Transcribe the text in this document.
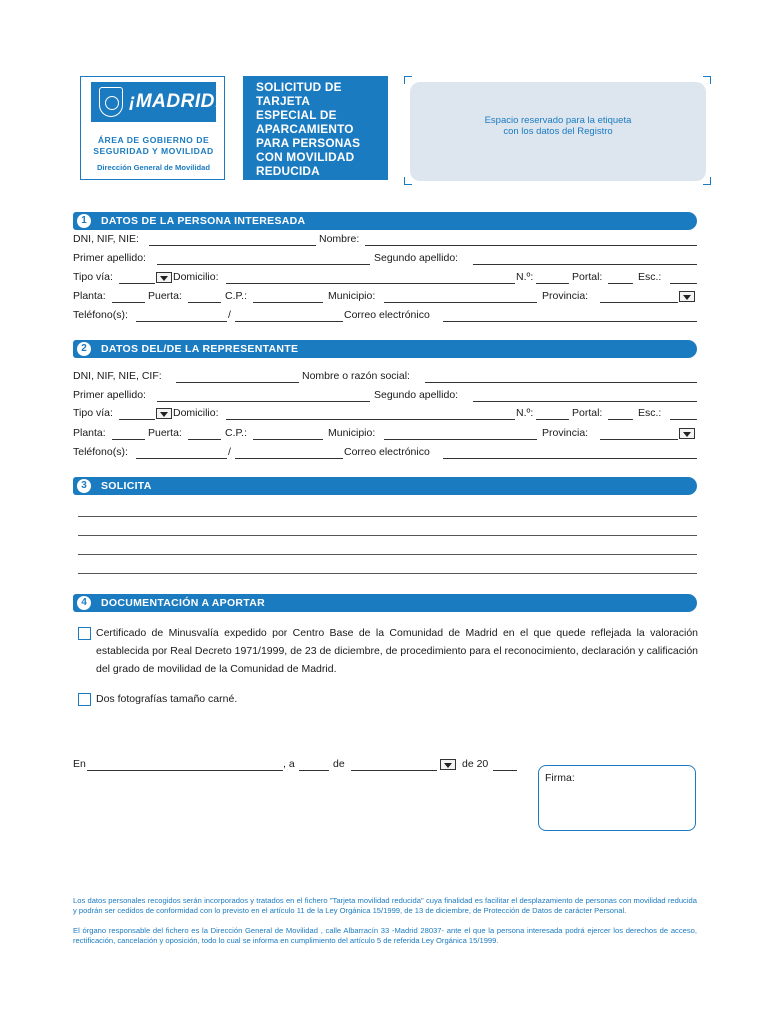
¡MADRID!
ÁREA DE GOBIERNO DE
SEGURIDAD Y MOVILIDAD
Dirección General de Movilidad
SOLICITUD DE
TARJETA
ESPECIAL DE
APARCAMIENTO
PARA PERSONAS
CON MOVILIDAD
REDUCIDA
Espacio reservado para la etiqueta
con los datos del Registro
1	DATOS DE LA PERSONA INTERESADA
DNI, NIF, NIE:	Nombre:
Primer apellido:	Segundo apellido:
Tipo vía:	Domicilio:	N.º:	Portal:	Esc.:
Planta:	Puerta:	C.P.:	Municipio:	Provincia:
Teléfono(s):	/	Correo electrónico
2	DATOS DEL/DE LA REPRESENTANTE
DNI, NIF, NIE, CIF:	Nombre o razón social:
Primer apellido:	Segundo apellido:
Tipo vía:	Domicilio:	N.º:	Portal:	Esc.:
Planta:	Puerta:	C.P.:	Municipio:	Provincia:
Teléfono(s):	/	Correo electrónico
3	SOLICITA
4	DOCUMENTACIÓN A APORTAR
Certificado de Minusvalía expedido por Centro Base de la Comunidad de Madrid en el que quede reflejada la valoración establecida por Real Decreto 1971/1999, de 23 de diciembre, de procedimiento para el reconocimiento, declaración y calificación del grado de movilidad de la Comunidad de Madrid.
Dos fotografías tamaño carné.
En	, a	de	de 20
Firma:
Los datos personales recogidos serán incorporados y tratados en el fichero "Tarjeta movilidad reducida" cuya finalidad es facilitar el desplazamiento de personas con movilidad reducida y podrán ser cedidos de conformidad con lo previsto en el artículo 11 de la Ley Orgánica 15/1999, de 13 de diciembre, de Protección de Datos de carácter Personal.
El órgano responsable del fichero es la Dirección General de Movilidad , calle Albarracín 33 -Madrid 28037- ante el que la persona interesada podrá ejercer los derechos de acceso, rectificación, cancelación y oposición, todo lo cual se informa en cumplimiento del artículo 5 de referida Ley Orgánica 15/1999.
